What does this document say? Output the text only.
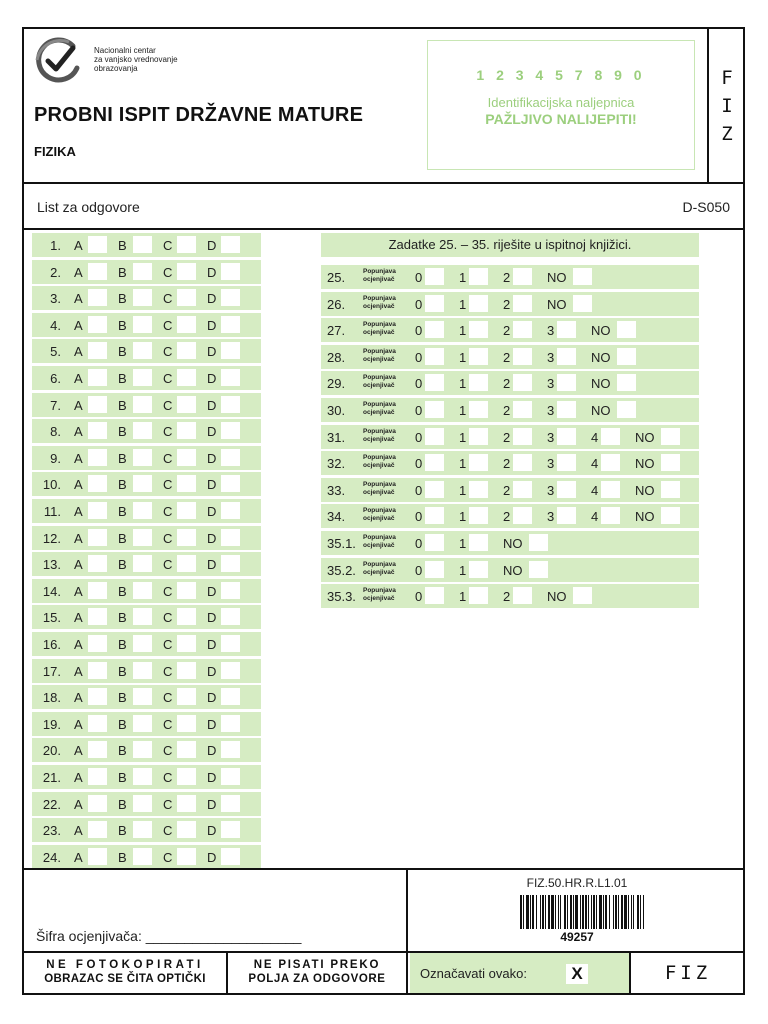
Nacionalni centar
za vanjsko vrednovanje
obrazovanja
PROBNI ISPIT DRŽAVNE MATURE
FIZIKA
1 2 3 4 5 7 8 9 0
Identifikacijska naljepnica
PAŽLJIVO NALIJEPITI!
F
I
Z
List za odgovore	D-S050
1. A	B	C	D
2. A	B	C	D
3. A	B	C	D
4. A	B	C	D
5. A	B	C	D
6. A	B	C	D
7. A	B	C	D
8. A	B	C	D
9. A	B	C	D
10. A	B	C	D
11. A	B	C	D
12. A	B	C	D
13. A	B	C	D
14. A	B	C	D
15. A	B	C	D
16. A	B	C	D
17. A	B	C	D
18. A	B	C	D
19. A	B	C	D
20. A	B	C	D
21. A	B	C	D
22. A	B	C	D
23. A	B	C	D
24. A	B	C	D
Zadatke 25. – 35. riješite u ispitnoj knjižici.
25.	Popunjava
ocjenjivač 0	1	2	NO
26.	Popunjava
ocjenjivač 0	1	2	NO
27.	Popunjava
ocjenjivač 0	1	2	3	NO
28.	Popunjava
ocjenjivač 0	1	2	3	NO
29.	Popunjava
ocjenjivač 0	1	2	3	NO
30.	Popunjava
ocjenjivač 0	1	2	3	NO
31.	Popunjava
ocjenjivač 0	1	2	3	4	NO
32.	Popunjava
ocjenjivač 0	1	2	3	4	NO
33.	Popunjava
ocjenjivač 0	1	2	3	4	NO
34.	Popunjava
ocjenjivač 0	1	2	3	4	NO
35.1. Popunjava
ocjenjivač 0	1	NO
35.2. Popunjava
ocjenjivač 0	1	NO
35.3. Popunjava
ocjenjivač 0	1	2	NO
Šifra ocjenjivača: ____________________
FIZ.50.HR.R.L1.01
49257
NE FOTOKOPIRATI
OBRAZAC SE ČITA OPTIČKI
NE PISATI PREKO
POLJA ZA ODGOVORE	Označavati ovako:	X	FIZ
